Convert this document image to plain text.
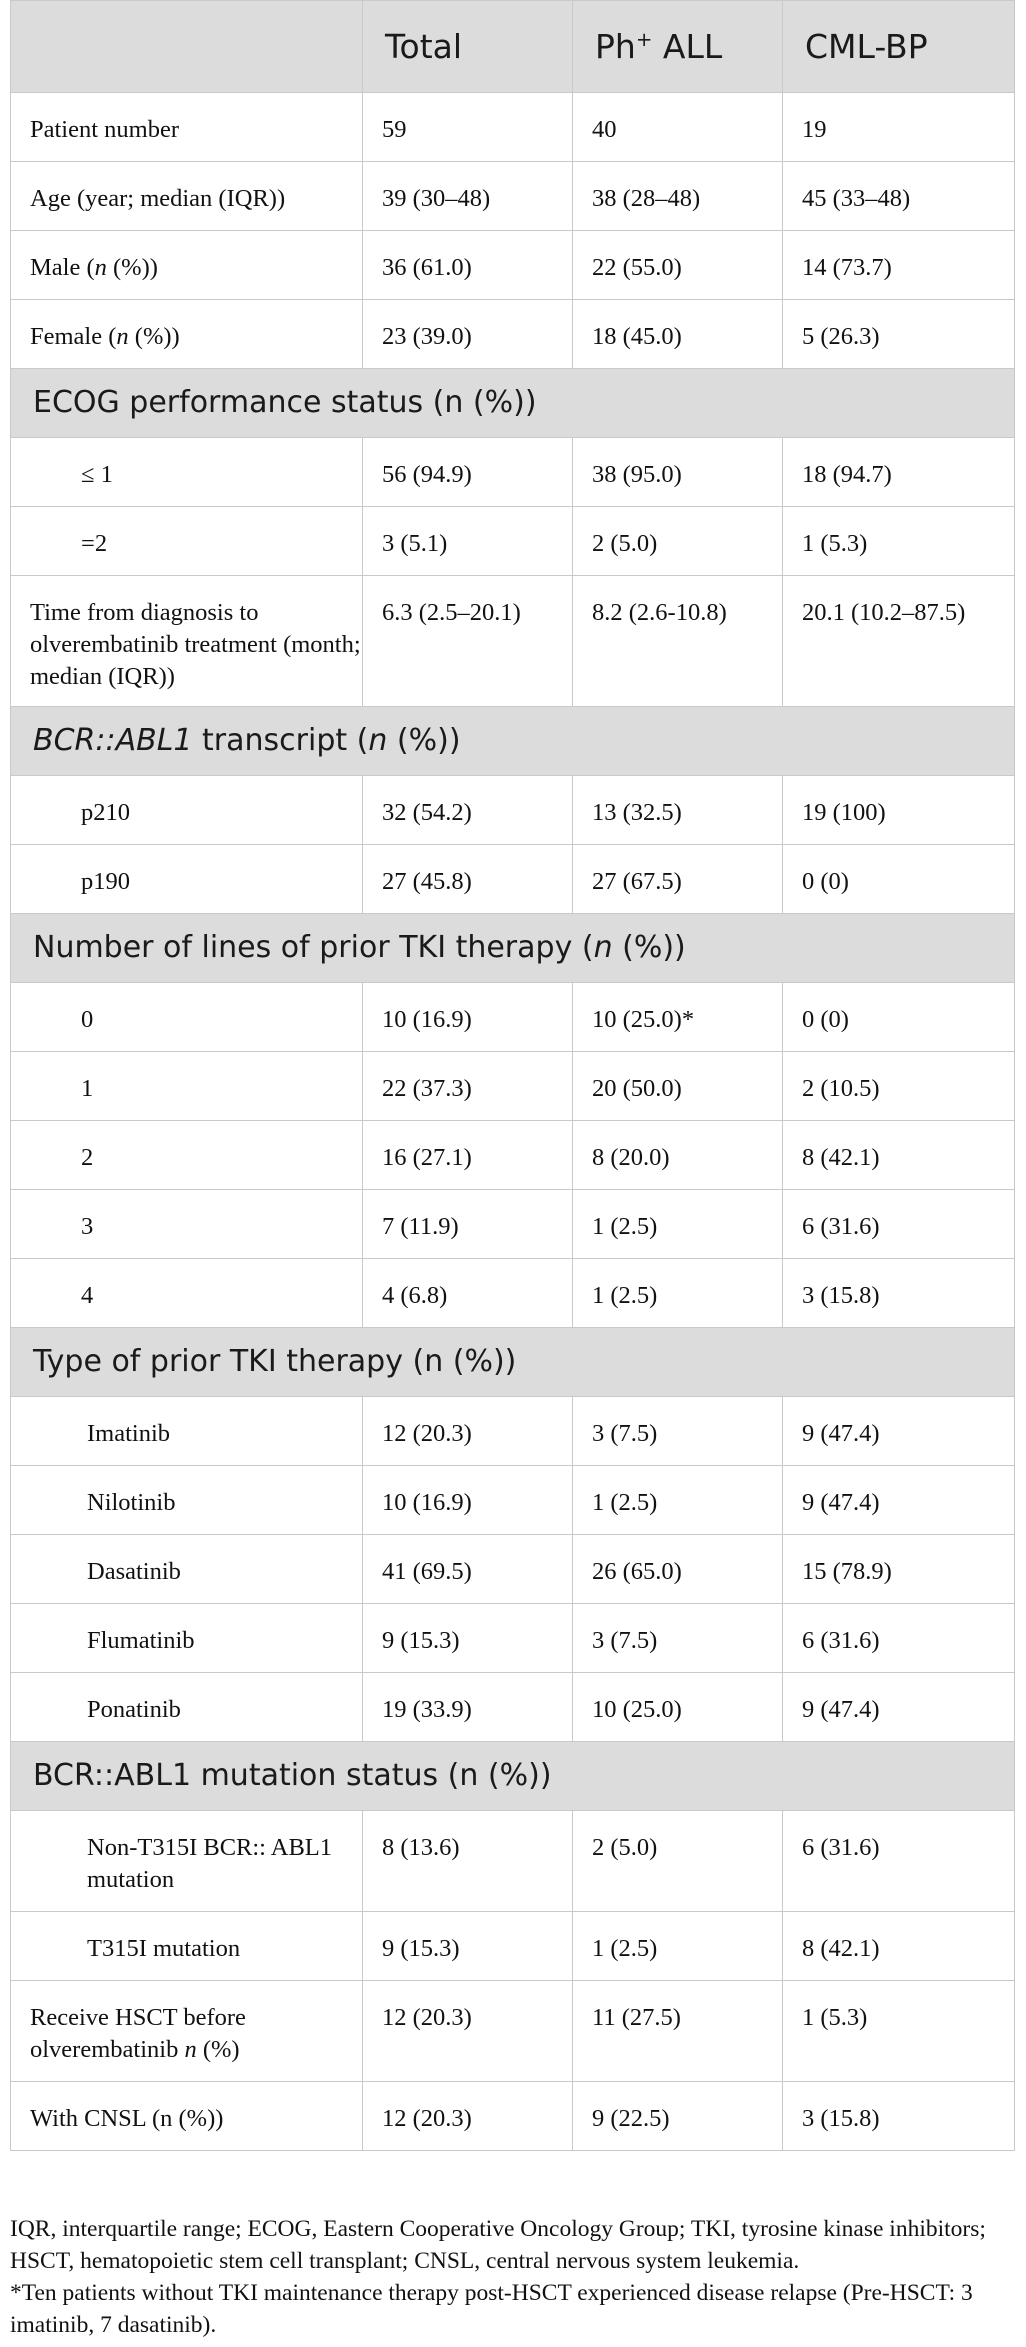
	Total	Ph+ ALL	CML-BP
Patient number	59	40	19
Age (year; median (IQR))	39 (30–48)	38 (28–48)	45 (33–48)
Male (n (%))	36 (61.0)	22 (55.0)	14 (73.7)
Female (n (%))	23 (39.0)	18 (45.0)	5 (26.3)
ECOG performance status (n (%))			
≤ 1	56 (94.9)	38 (95.0)	18 (94.7)
=2	3 (5.1)	2 (5.0)	1 (5.3)
Time from diagnosis to olverembatinib treatment (month; median (IQR))	6.3 (2.5–20.1)	8.2 (2.6-10.8)	20.1 (10.2–87.5)
BCR::ABL1 transcript (n (%))			
p210	32 (54.2)	13 (32.5)	19 (100)
p190	27 (45.8)	27 (67.5)	0 (0)
Number of lines of prior TKI therapy (n (%))			
0	10 (16.9)	10 (25.0)*	0 (0)
1	22 (37.3)	20 (50.0)	2 (10.5)
2	16 (27.1)	8 (20.0)	8 (42.1)
3	7 (11.9)	1 (2.5)	6 (31.6)
4	4 (6.8)	1 (2.5)	3 (15.8)
Type of prior TKI therapy (n (%))			
Imatinib	12 (20.3)	3 (7.5)	9 (47.4)
Nilotinib	10 (16.9)	1 (2.5)	9 (47.4)
Dasatinib	41 (69.5)	26 (65.0)	15 (78.9)
Flumatinib	9 (15.3)	3 (7.5)	6 (31.6)
Ponatinib	19 (33.9)	10 (25.0)	9 (47.4)
BCR::ABL1 mutation status (n (%))			
Non-T315I BCR:: ABL1 mutation	8 (13.6)	2 (5.0)	6 (31.6)
T315I mutation	9 (15.3)	1 (2.5)	8 (42.1)
Receive HSCT before olverembatinib n (%)	12 (20.3)	11 (27.5)	1 (5.3)
With CNSL (n (%))	12 (20.3)	9 (22.5)	3 (15.8)

IQR, interquartile range; ECOG, Eastern Cooperative Oncology Group; TKI, tyrosine kinase inhibitors; HSCT, hematopoietic stem cell transplant; CNSL, central nervous system leukemia.

*Ten patients without TKI maintenance therapy post-HSCT experienced disease relapse (Pre-HSCT: 3 imatinib, 7 dasatinib).
